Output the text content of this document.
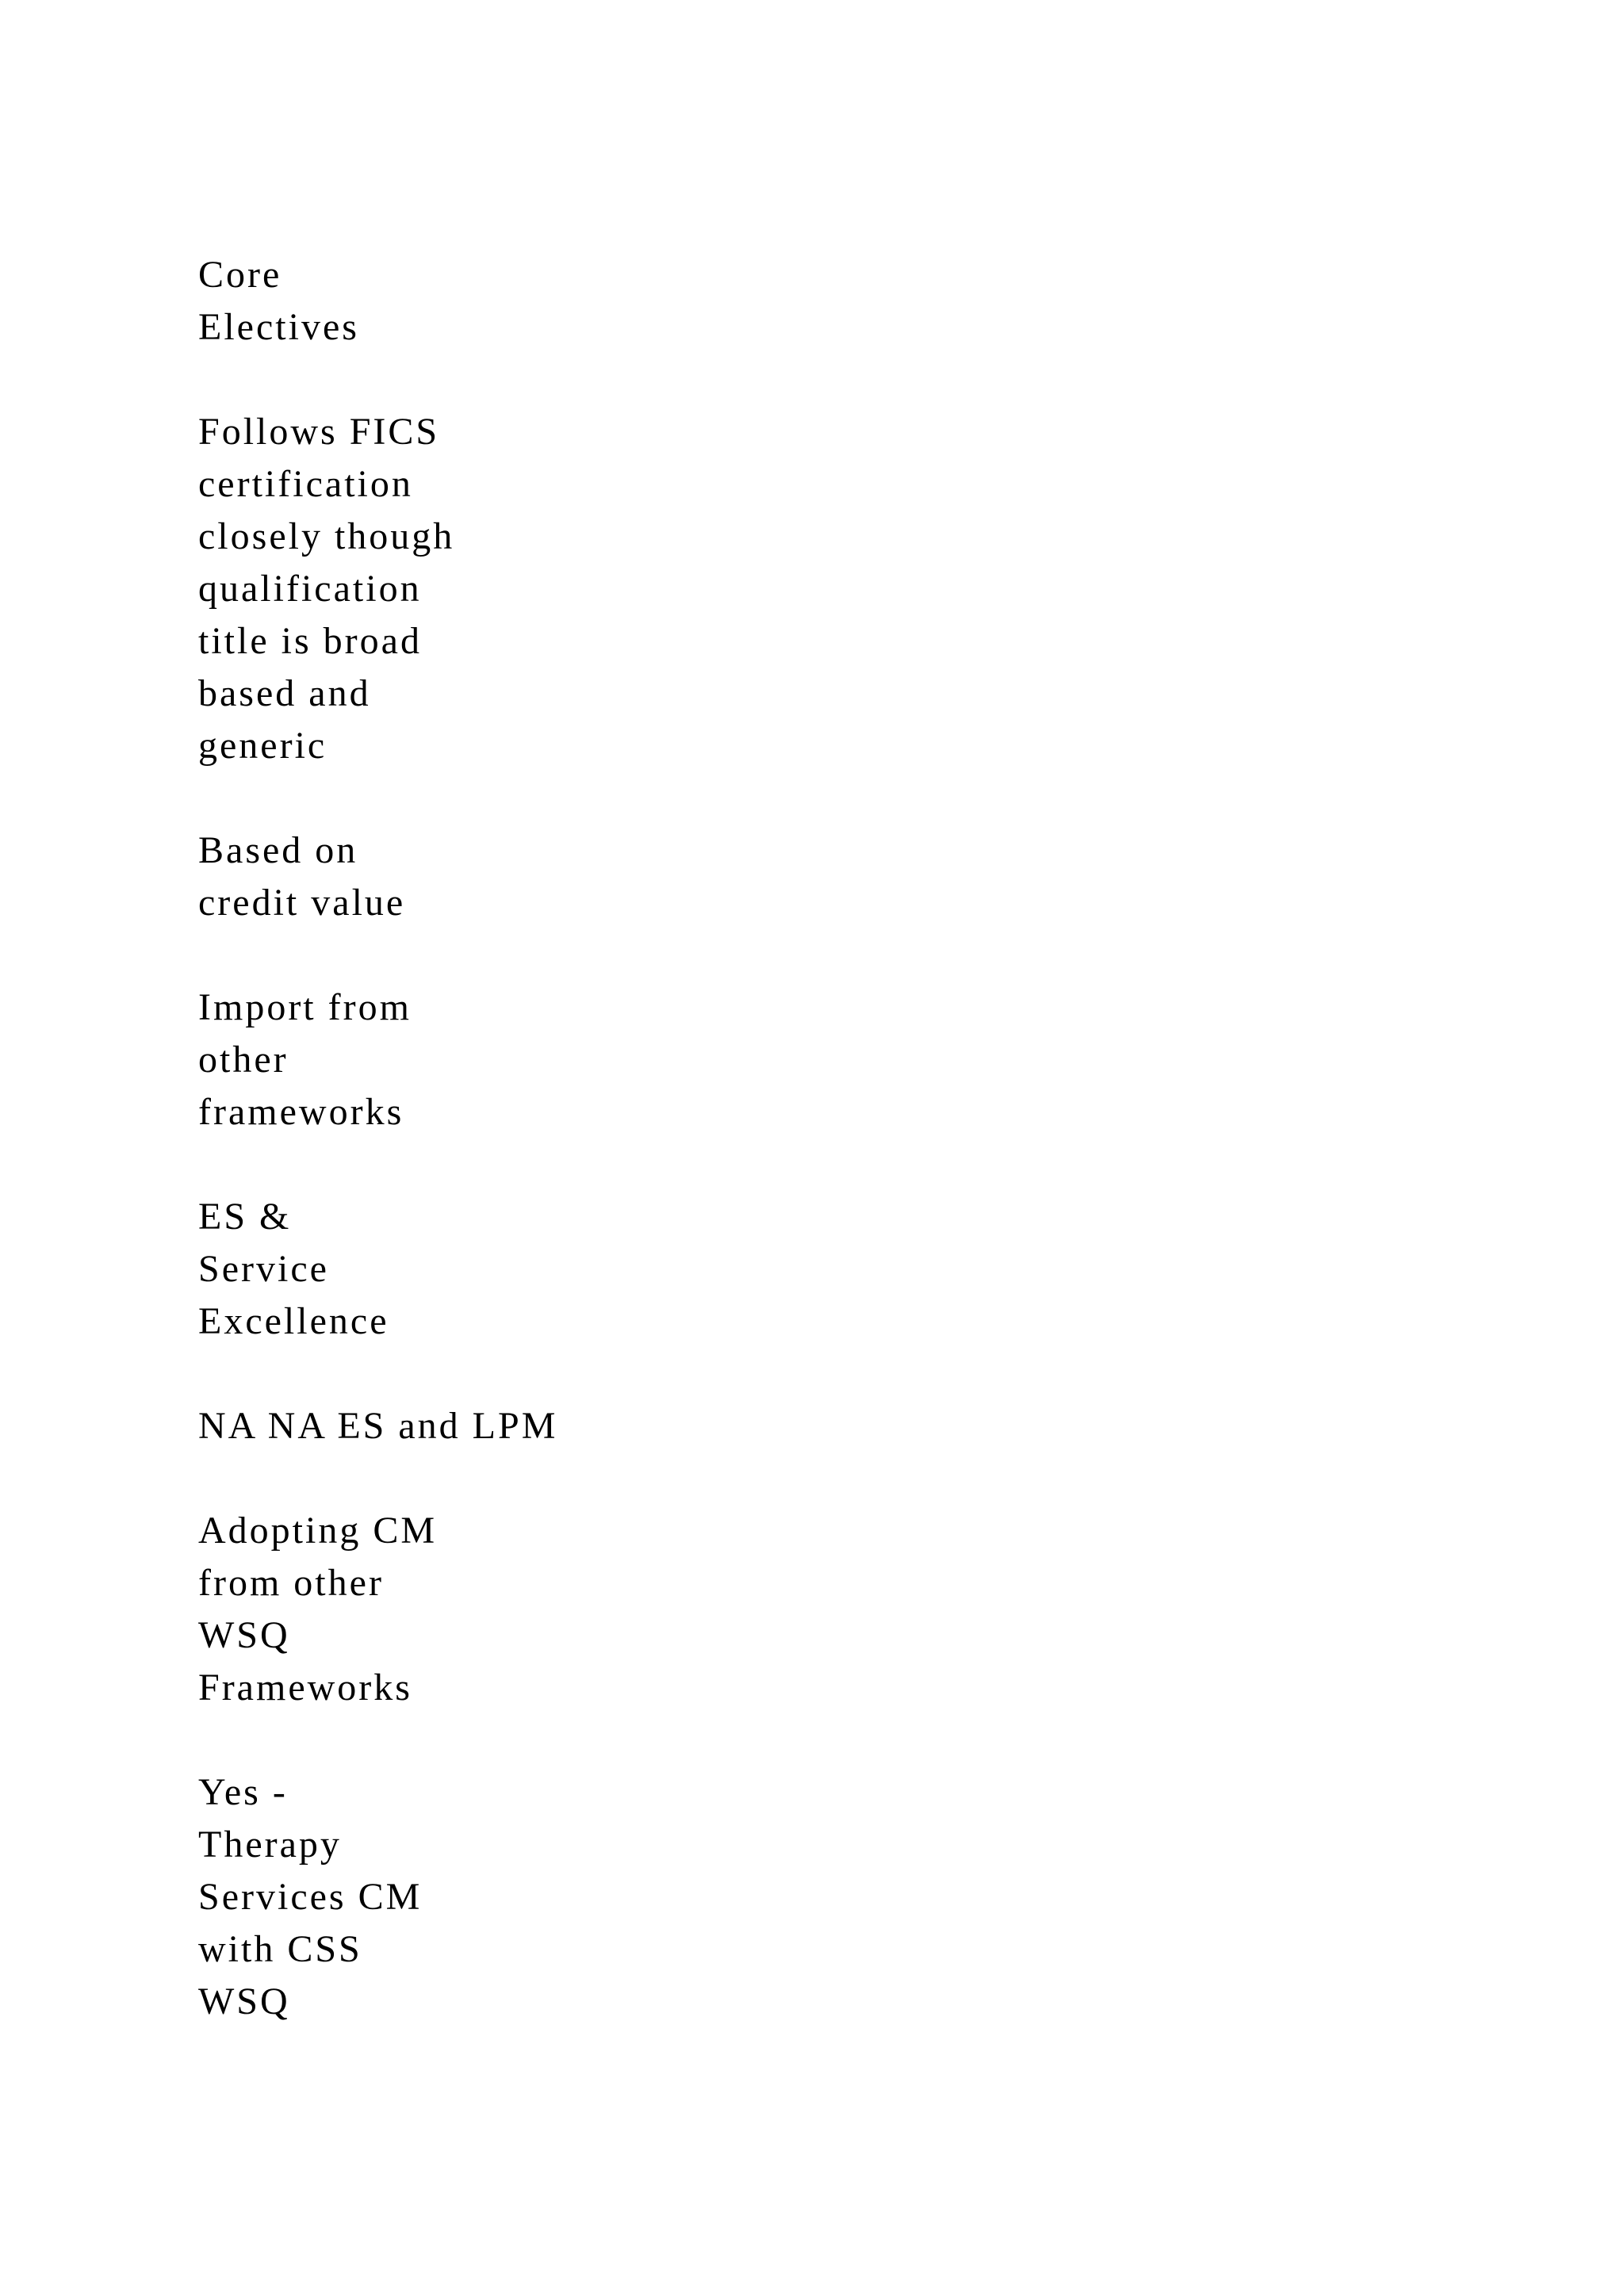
Core
Electives
Follows FICS
certification
closely though
qualification
title is broad
based and
generic
Based on
credit value
Import from
other
frameworks
ES &
Service
Excellence
NA NA ES and LPM
Adopting CM
from other
WSQ
Frameworks
Yes -
Therapy
Services CM
with CSS
WSQ
